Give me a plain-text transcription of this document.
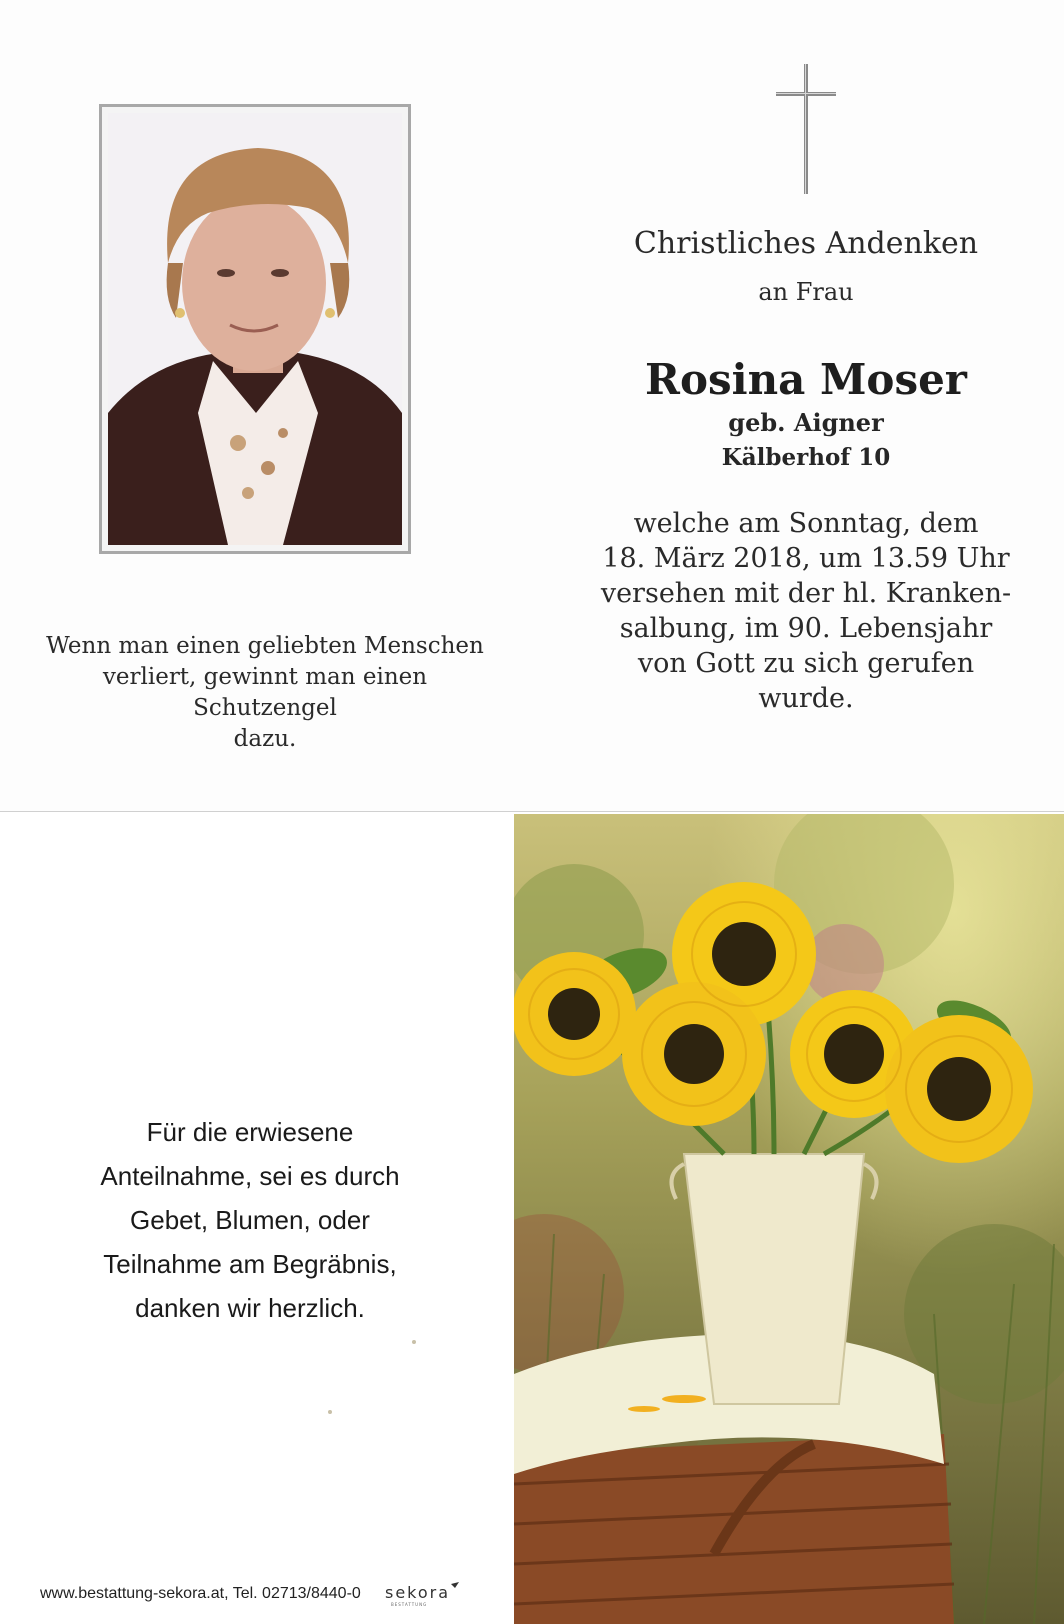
Wenn man einen geliebten Menschen
verliert, gewinnt man einen Schutzengel
dazu.
Christliches Andenken
an Frau
Rosina Moser
geb. Aigner
Kälberhof 10
welche am Sonntag, dem
18. März 2018, um 13.59 Uhr
versehen mit der hl. Kranken-
salbung, im 90. Lebensjahr
von Gott zu sich gerufen
wurde.
Für die erwiesene
Anteilnahme, sei es durch
Gebet, Blumen, oder
Teilnahme am Begräbnis,
danken wir herzlich.
www.bestattung-sekora.at, Tel. 02713/8440-0 sekora
BESTATTUNG
